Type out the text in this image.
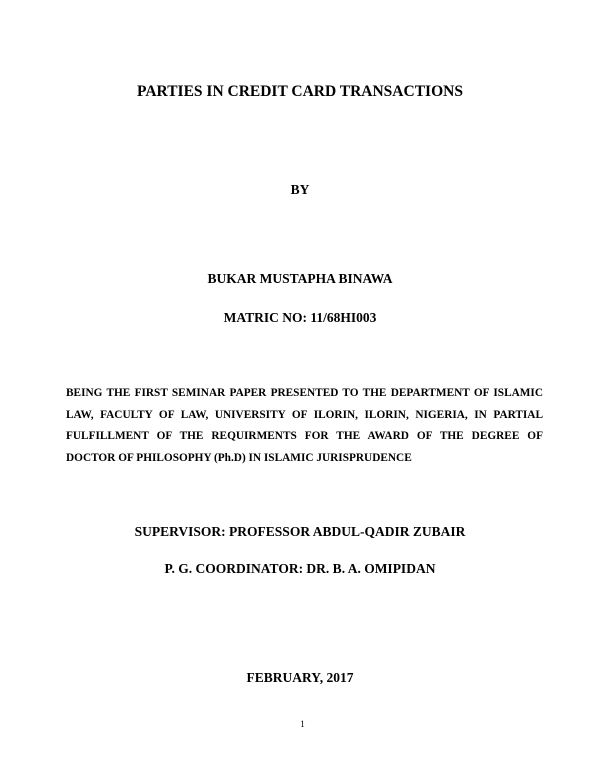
PARTIES IN CREDIT CARD TRANSACTIONS
BY
BUKAR MUSTAPHA BINAWA
MATRIC NO: 11/68HI003
BEING THE FIRST SEMINAR PAPER PRESENTED TO THE DEPARTMENT OF ISLAMIC LAW, FACULTY OF LAW, UNIVERSITY OF ILORIN, ILORIN, NIGERIA, IN PARTIAL FULFILLMENT OF THE REQUIRMENTS FOR THE AWARD OF THE DEGREE OF DOCTOR OF PHILOSOPHY (Ph.D) IN ISLAMIC JURISPRUDENCE
SUPERVISOR: PROFESSOR ABDUL-QADIR ZUBAIR
P. G. COORDINATOR: DR. B. A. OMIPIDAN
FEBRUARY, 2017
1
